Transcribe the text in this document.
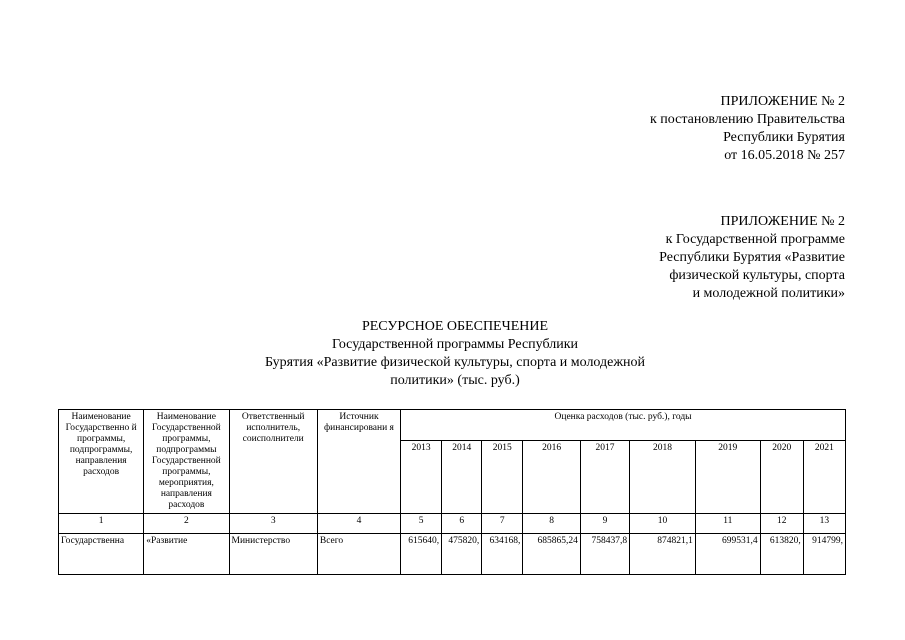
ПРИЛОЖЕНИЕ № 2
к постановлению Правительства
Республики Бурятия
от 16.05.2018 № 257
ПРИЛОЖЕНИЕ № 2
к Государственной программе
Республики Бурятия «Развитие
физической культуры, спорта
и молодежной политики»
РЕСУРСНОЕ ОБЕСПЕЧЕНИЕ
Государственной программы Республики
Бурятия «Развитие физической культуры, спорта и молодежной
политики» (тыс. руб.)
Наименование Государственно й программы, подпрограммы, направления расходов	Наименование Государственной программы, подпрограммы Государственной программы, мероприятия, направления расходов	Ответственный исполнитель, соисполнители	Источник финансировани я	Оценка расходов (тыс. руб.), годы								
				2013	2014	2015	2016	2017	2018	2019	2020	2021
1	2	3	4	5	6	7	8	9	10	11	12	13
Государственна	«Развитие	Министерство	Всего	615640,	475820,	634168,	685865,24	758437,8	874821,1	699531,4	613820,	914799,
